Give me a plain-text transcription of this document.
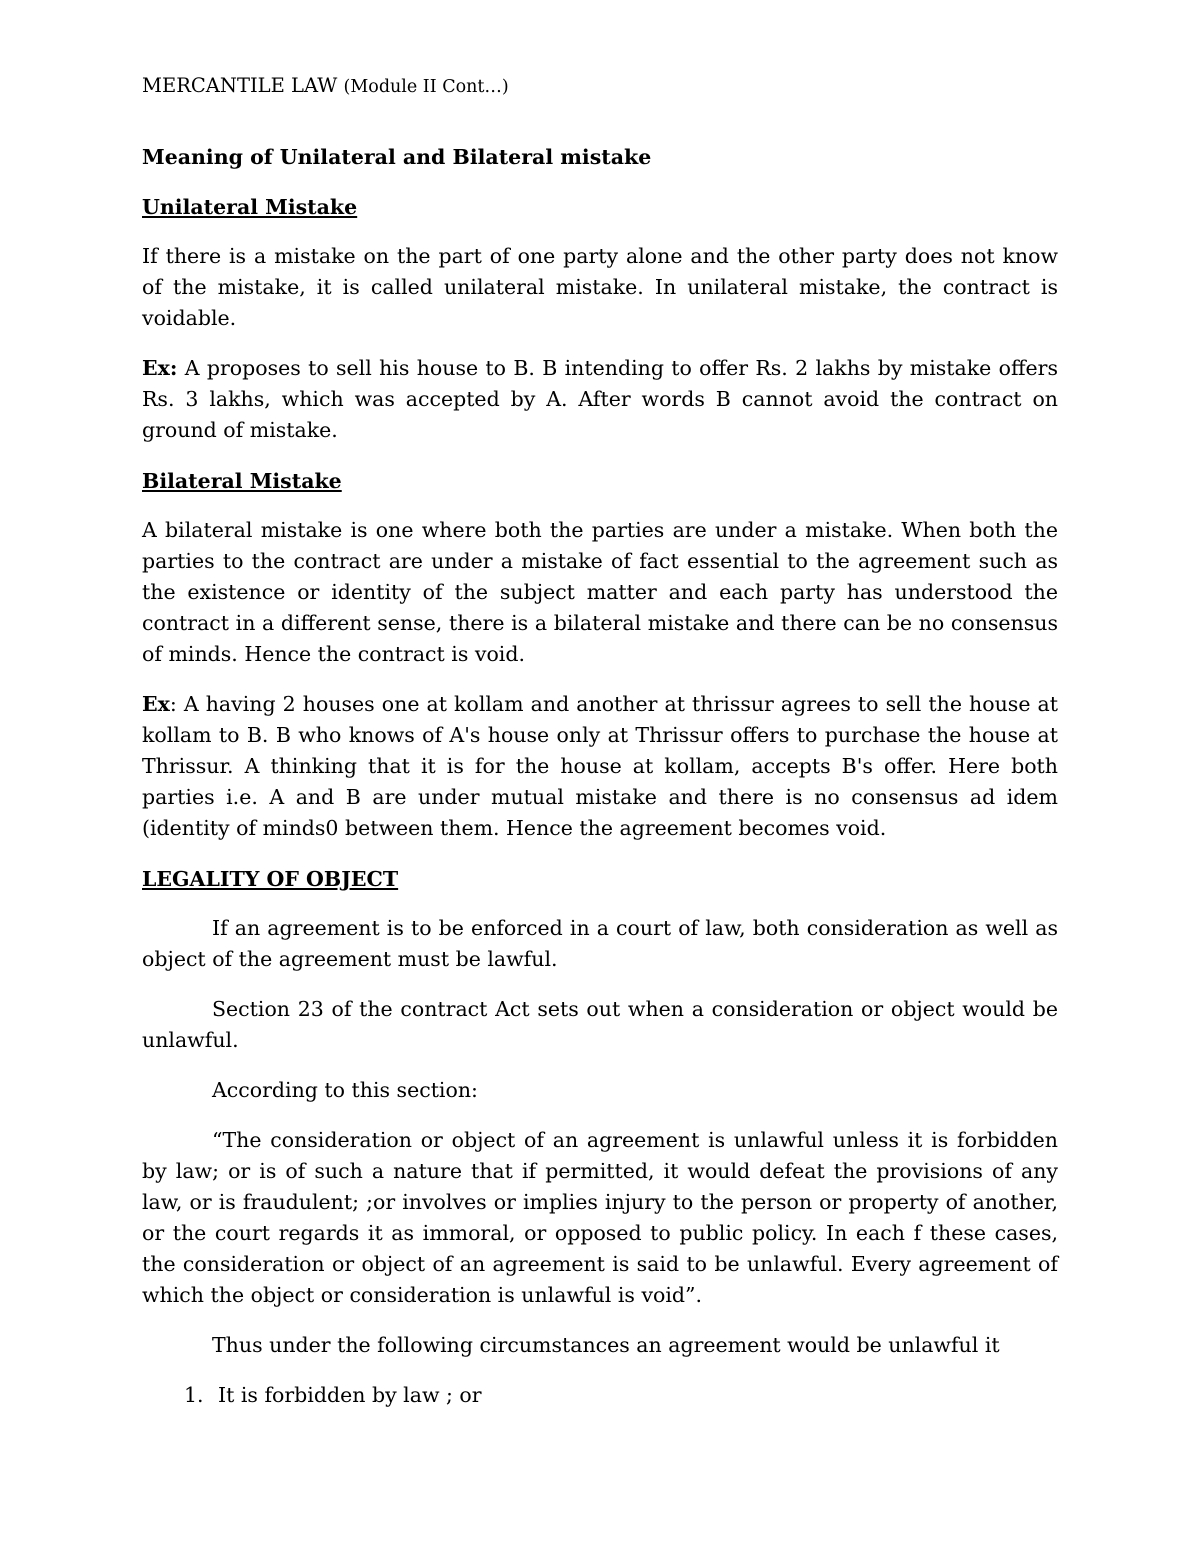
MERCANTILE LAW (Module II Cont…)

Meaning of Unilateral and Bilateral mistake

Unilateral Mistake

If there is a mistake on the part of one party alone and the other party does not know of the mistake, it is called unilateral mistake. In unilateral mistake, the contract is voidable.

Ex: A proposes to sell his house to B. B intending to offer Rs. 2 lakhs by mistake offers Rs. 3 lakhs, which was accepted by A. After words B cannot avoid the contract on ground of mistake.

Bilateral Mistake

A bilateral mistake is one where both the parties are under a mistake. When both the parties to the contract are under a mistake of fact essential to the agreement such as the existence or identity of the subject matter and each party has understood the contract in a different sense, there is a bilateral mistake and there can be no consensus of minds. Hence the contract is void.

Ex: A having 2 houses one at kollam and another at thrissur agrees to sell the house at kollam to B. B who knows of A's house only at Thrissur offers to purchase the house at Thrissur. A thinking that it is for the house at kollam, accepts B's offer. Here both parties i.e. A and B are under mutual mistake and there is no consensus ad idem (identity of minds0 between them. Hence the agreement becomes void.

LEGALITY OF OBJECT

If an agreement is to be enforced in a court of law, both consideration as well as object of the agreement must be lawful.

Section 23 of the contract Act sets out when a consideration or object would be unlawful.

According to this section:

“The consideration or object of an agreement is unlawful unless it is forbidden by law; or is of such a nature that if permitted, it would defeat the provisions of any law, or is fraudulent; ;or involves or implies injury to the person or property of another, or the court regards it as immoral, or opposed to public policy. In each f these cases, the consideration or object of an agreement is said to be unlawful. Every agreement of which the object or consideration is unlawful is void”.

Thus under the following circumstances an agreement would be unlawful it

1. It is forbidden by law ; or
